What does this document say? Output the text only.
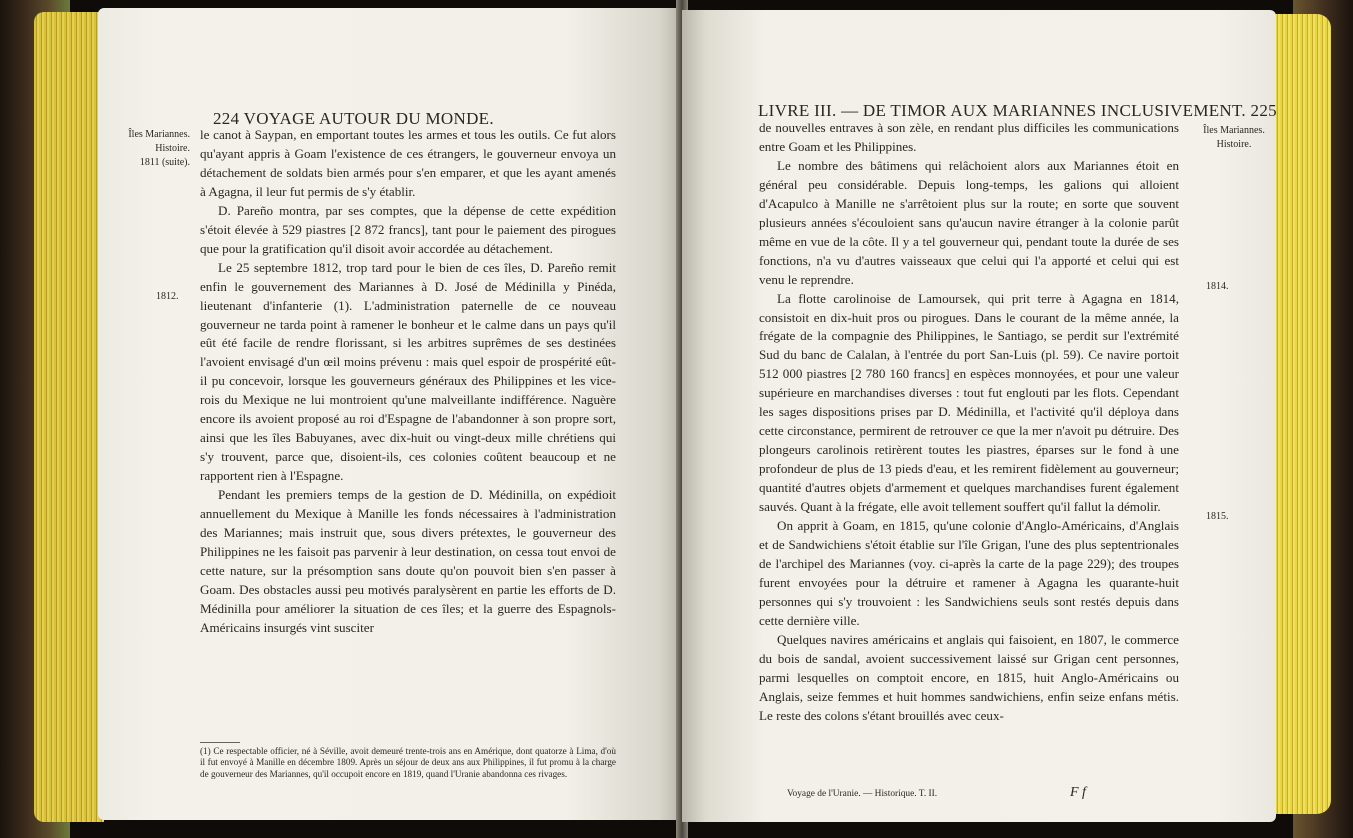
224 VOYAGE AUTOUR DU MONDE.
Îles Mariannes.
Histoire.
1811 (suite).
1812.

le canot à Saypan, en emportant toutes les armes et tous les outils. Ce fut alors qu'ayant appris à Goam l'existence de ces étrangers, le gouverneur envoya un détachement de soldats bien armés pour s'en emparer, et que les ayant amenés à Agagna, il leur fut permis de s'y établir.

D. Pareño montra, par ses comptes, que la dépense de cette expédition s'étoit élevée à 529 piastres [2 872 francs], tant pour le paiement des pirogues que pour la gratification qu'il disoit avoir accordée au détachement.

Le 25 septembre 1812, trop tard pour le bien de ces îles, D. Pareño remit enfin le gouvernement des Mariannes à D. José de Médinilla y Pinéda, lieutenant d'infanterie (1). L'administration paternelle de ce nouveau gouverneur ne tarda point à ramener le bonheur et le calme dans un pays qu'il eût été facile de rendre florissant, si les arbitres suprêmes de ses destinées l'avoient envisagé d'un œil moins prévenu : mais quel espoir de prospérité eût-il pu concevoir, lorsque les gouverneurs généraux des Philippines et les vice-rois du Mexique ne lui montroient qu'une malveillante indifférence. Naguère encore ils avoient proposé au roi d'Espagne de l'abandonner à son propre sort, ainsi que les îles Babuyanes, avec dix-huit ou vingt-deux mille chrétiens qui s'y trouvent, parce que, disoient-ils, ces colonies coûtent beaucoup et ne rapportent rien à l'Espagne.

Pendant les premiers temps de la gestion de D. Médinilla, on expédioit annuellement du Mexique à Manille les fonds nécessaires à l'administration des Mariannes; mais instruit que, sous divers prétextes, le gouverneur des Philippines ne les faisoit pas parvenir à leur destination, on cessa tout envoi de cette nature, sur la présomption sans doute qu'on pouvoit bien s'en passer à Goam. Des obstacles aussi peu motivés paralysèrent en partie les efforts de D. Médinilla pour améliorer la situation de ces îles; et la guerre des Espagnols-Américains insurgés vint susciter

(1) Ce respectable officier, né à Séville, avoit demeuré trente-trois ans en Amérique, dont quatorze à Lima, d'où il fut envoyé à Manille en décembre 1809. Après un séjour de deux ans aux Philippines, il fut promu à la charge de gouverneur des Mariannes, qu'il occupoit encore en 1819, quand l'Uranie abandonna ces rivages.
LIVRE III. — DE TIMOR AUX MARIANNES INCLUSIVEMENT. 225
Îles Mariannes.
Histoire.
1814.
1815.

de nouvelles entraves à son zèle, en rendant plus difficiles les communications entre Goam et les Philippines.

Le nombre des bâtimens qui relâchoient alors aux Mariannes étoit en général peu considérable. Depuis long-temps, les galions qui alloient d'Acapulco à Manille ne s'arrêtoient plus sur la route; en sorte que souvent plusieurs années s'écouloient sans qu'aucun navire étranger à la colonie parût même en vue de la côte. Il y a tel gouverneur qui, pendant toute la durée de ses fonctions, n'a vu d'autres vaisseaux que celui qui l'a apporté et celui qui est venu le reprendre.

La flotte carolinoise de Lamoursek, qui prit terre à Agagna en 1814, consistoit en dix-huit pros ou pirogues. Dans le courant de la même année, la frégate de la compagnie des Philippines, le Santiago, se perdit sur l'extrémité Sud du banc de Calalan, à l'entrée du port San-Luis (pl. 59). Ce navire portoit 512 000 piastres [2 780 160 francs] en espèces monnoyées, et pour une valeur supérieure en marchandises diverses : tout fut englouti par les flots. Cependant les sages dispositions prises par D. Médinilla, et l'activité qu'il déploya dans cette circonstance, permirent de retrouver ce que la mer n'avoit pu détruire. Des plongeurs carolinois retirèrent toutes les piastres, éparses sur le fond à une profondeur de plus de 13 pieds d'eau, et les remirent fidèlement au gouverneur; quantité d'autres objets d'armement et quelques marchandises furent également sauvés. Quant à la frégate, elle avoit tellement souffert qu'il fallut la démolir.

On apprit à Goam, en 1815, qu'une colonie d'Anglo-Américains, d'Anglais et de Sandwichiens s'étoit établie sur l'île Grigan, l'une des plus septentrionales de l'archipel des Mariannes (voy. ci-après la carte de la page 229); des troupes furent envoyées pour la détruire et ramener à Agagna les quarante-huit personnes qui s'y trouvoient : les Sandwichiens seuls sont restés depuis dans cette dernière ville.

Quelques navires américains et anglais qui faisoient, en 1807, le commerce du bois de sandal, avoient successivement laissé sur Grigan cent personnes, parmi lesquelles on comptoit encore, en 1815, huit Anglo-Américains ou Anglais, seize femmes et huit hommes sandwichiens, enfin seize enfans métis. Le reste des colons s'étant brouillés avec ceux-

Voyage de l'Uranie. — Historique. T. II.	F f
